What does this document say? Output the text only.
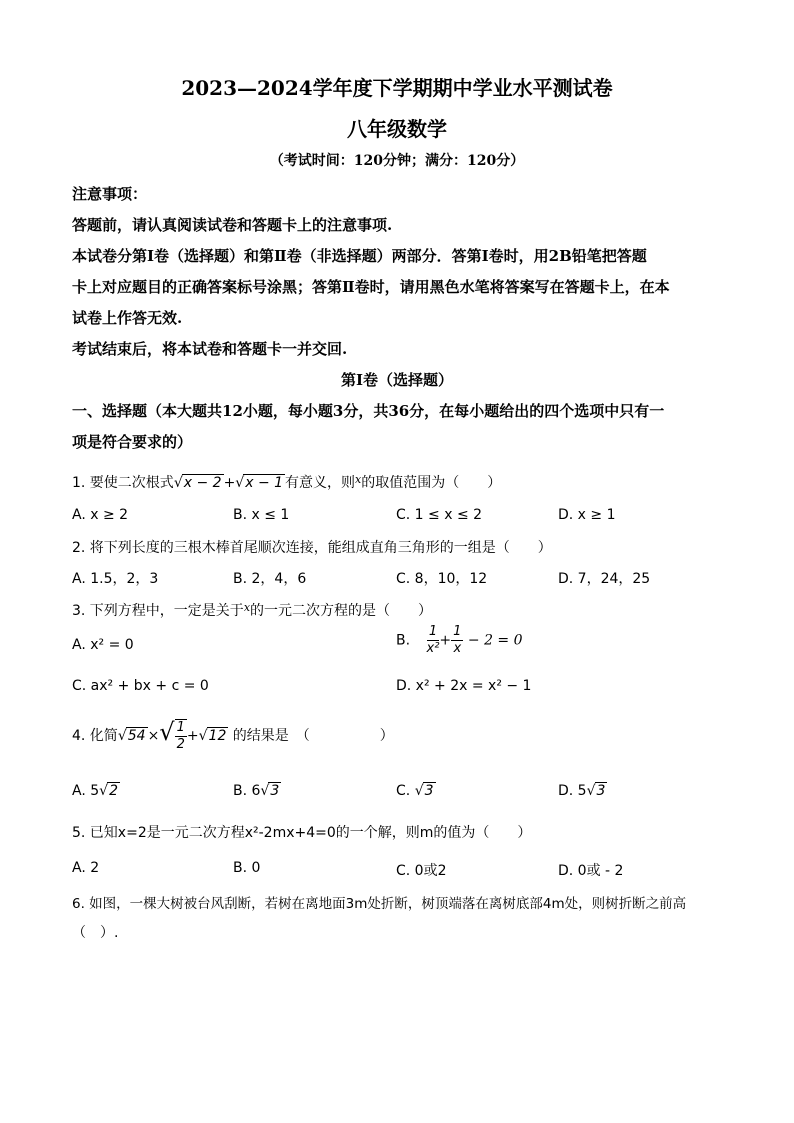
2023—2024学年度下学期期中学业水平测试卷
八年级数学
（考试时间：120分钟；满分：120分）
注意事项：
答题前，请认真阅读试卷和答题卡上的注意事项.
本试卷分第Ⅰ卷（选择题）和第Ⅱ卷（非选择题）两部分．答第Ⅰ卷时，用2B铅笔把答题
卡上对应题目的正确答案标号涂黑；答第Ⅱ卷时，请用黑色水笔将答案写在答题卡上，在本
试卷上作答无效.
考试结束后，将本试卷和答题卡一并交回.
第Ⅰ卷（选择题）
一、选择题（本大题共12小题，每小题3分，共36分，在每小题给出的四个选项中只有一
项是符合要求的）
1. 要使二次根式√x − 2 +√x − 1 有意义，则$^x$的取值范围为（　　）
A. x ≥ 2	B. x ≤ 1	C. 1 ≤ x ≤ 2	D. x ≥ 1
2. 将下列长度的三根木棒首尾顺次连接，能组成直角三角形的一组是（　　）
A. 1.5，2，3	B. 2，4，6	C. 8，10，12	D. 7，24，25
3. 下列方程中，一定是关于$^x$的一元二次方程的是（　　）
A. x² = 0	B. $\frac{1}{\text{x²}} + \frac{1}{x} - 2 = 0$
C. ax² + bx + c = 0	D. x² + 2x = x² − 1
4. 化简√54 ×√ $\frac{1}{2} +√12$ 的结果是　（　　　　　）
A. 5√2	B. 6√3	C. √3	D. 5√3
5. 已知x=2是一元二次方程x²-2mx+4=0的一个解，则m的值为（　　）
A. 2	B. 0	C. 0或2	D. 0或 - 2
6. 如图，一棵大树被台风刮断，若树在离地面3m处折断，树顶端落在离树底部4m处，则树折断之前高
（　）.
